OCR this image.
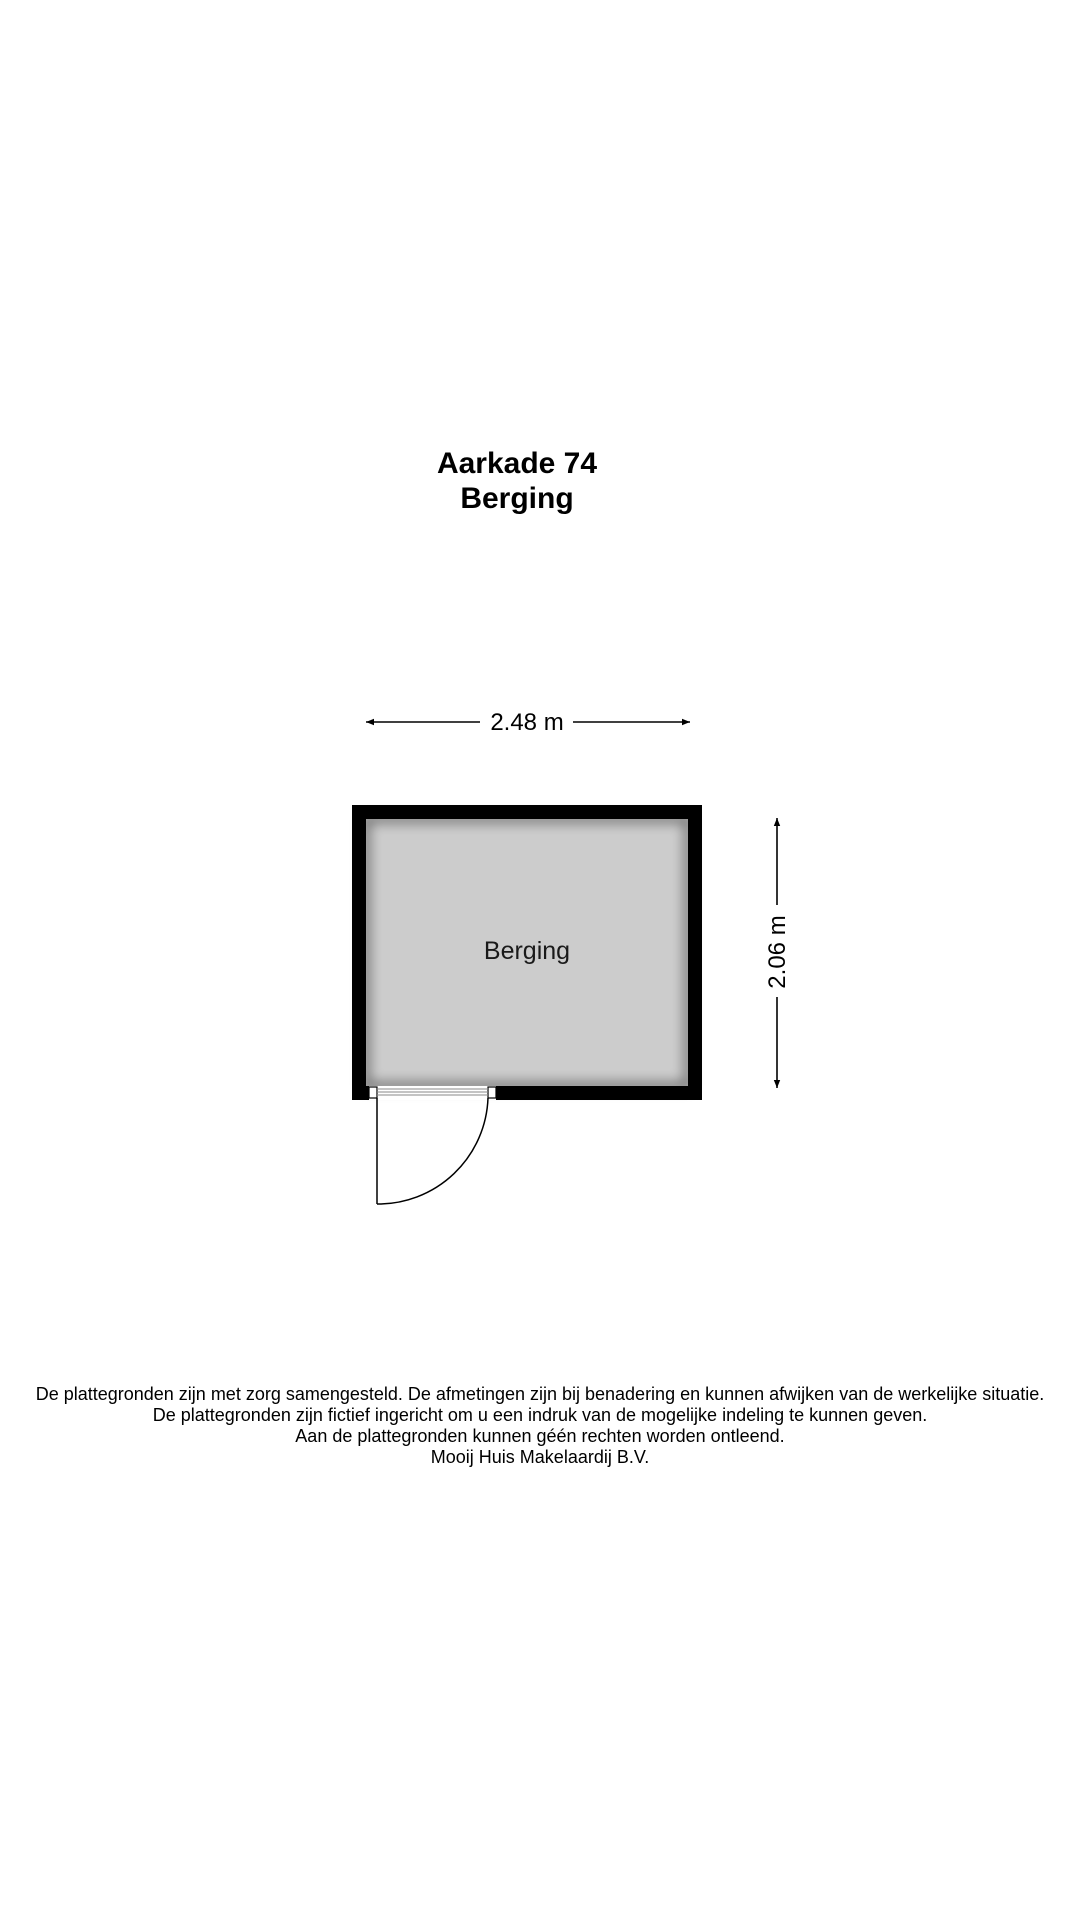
Aarkade 74
Berging
2.48 m
2.06 m
Berging
De plattegronden zijn met zorg samengesteld. De afmetingen zijn bij benadering en kunnen afwijken van de werkelijke situatie.
De plattegronden zijn fictief ingericht om u een indruk van de mogelijke indeling te kunnen geven.
Aan de plattegronden kunnen géén rechten worden ontleend.
Mooij Huis Makelaardij B.V.
